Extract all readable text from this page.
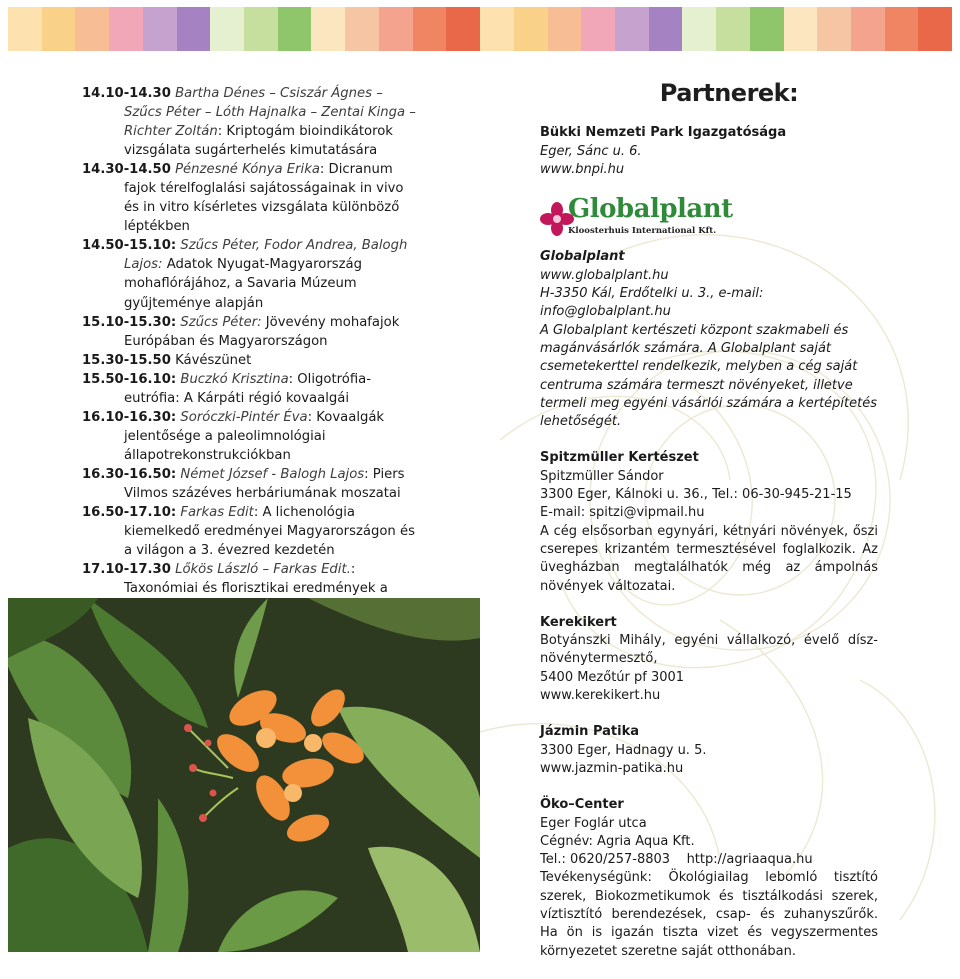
14.10-14.30 Bartha Dénes – Csiszár Ágnes – Szűcs Péter – Lóth Hajnalka – Zentai Kinga – Richter Zoltán: Kriptogám bioindikátorok vizsgálata sugárterhelés kimutatására
14.30-14.50 Pénzesné Kónya Erika: Dicranum fajok térelfoglalási sajátosságainak in vivo és in vitro kísérletes vizsgálata különböző léptékben
14.50-15.10: Szűcs Péter, Fodor Andrea, Balogh Lajos: Adatok Nyugat-Magyarország mohaflórájához, a Savaria Múzeum gyűjteménye alapján
15.10-15.30: Szűcs Péter: Jövevény mohafajok Európában és Magyarországon
15.30-15.50 Kávészünet
15.50-16.10: Buczkó Krisztina: Oligotrófia-eutrófia: A Kárpáti régió kovaalgái
16.10-16.30: Soróczki-Pintér Éva: Kovaalgák jelentősége a paleolimnológiai állapotrekonstrukciókban
16.30-16.50: Német József - Balogh Lajos: Piers Vilmos százéves herbáriumának moszatai
16.50-17.10: Farkas Edit: A lichenológia kiemelkedő eredményei Magyarországon és a világon a 3. évezred kezdetén
17.10-17.30 Lőkös László – Farkas Edit.: Taxonómiai és florisztikai eredmények a
Partnerek:

Bükki Nemzeti Park Igazgatósága

Eger, Sánc u. 6.

www.bnpi.hu

Globalplant
Kloosterhuis International Kft.

Globalplant

www.globalplant.hu

H-3350 Kál, Erdőtelki u. 3., e-mail: info@globalplant.hu

A Globalplant kertészeti központ szakmabeli és magánvásárlók számára. A Globalplant saját csemetekerttel rendelkezik, melyben a cég saját centruma számára termeszt növényeket, illetve termeli meg egyéni vásárlói számára a kertépítetés lehetőségét.

Spitzmüller Kertészet

Spitzmüller Sándor

3300 Eger, Kálnoki u. 36., Tel.: 06-30-945-21-15

E-mail: spitzi@vipmail.hu

A cég elsősorban egynyári, kétnyári növények, őszi cserepes krizantém termesztésével foglalkozik. Az üvegházban megtalálhatók még az ámpolnás növények változatai.

Kerekikert

Botyánszki Mihály, egyéni vállalkozó, évelő dísznövénytermesztő,

5400 Mezőtúr pf 3001

www.kerekikert.hu

Jázmin Patika

3300 Eger, Hadnagy u. 5.

www.jazmin-patika.hu

Öko–Center

Eger Foglár utca

Cégnév: Agria Aqua Kft.

Tel.: 0620/257-8803    http://agriaaqua.hu

Tevékenységünk: Ökológiailag lebomló tisztító szerek, Biokozmetikumok és tisztálkodási szerek, víztisztító berendezések, csap- és zuhanyszűrők. Ha ön is igazán tiszta vizet és vegyszermentes környezetet szeretne saját otthonában.
